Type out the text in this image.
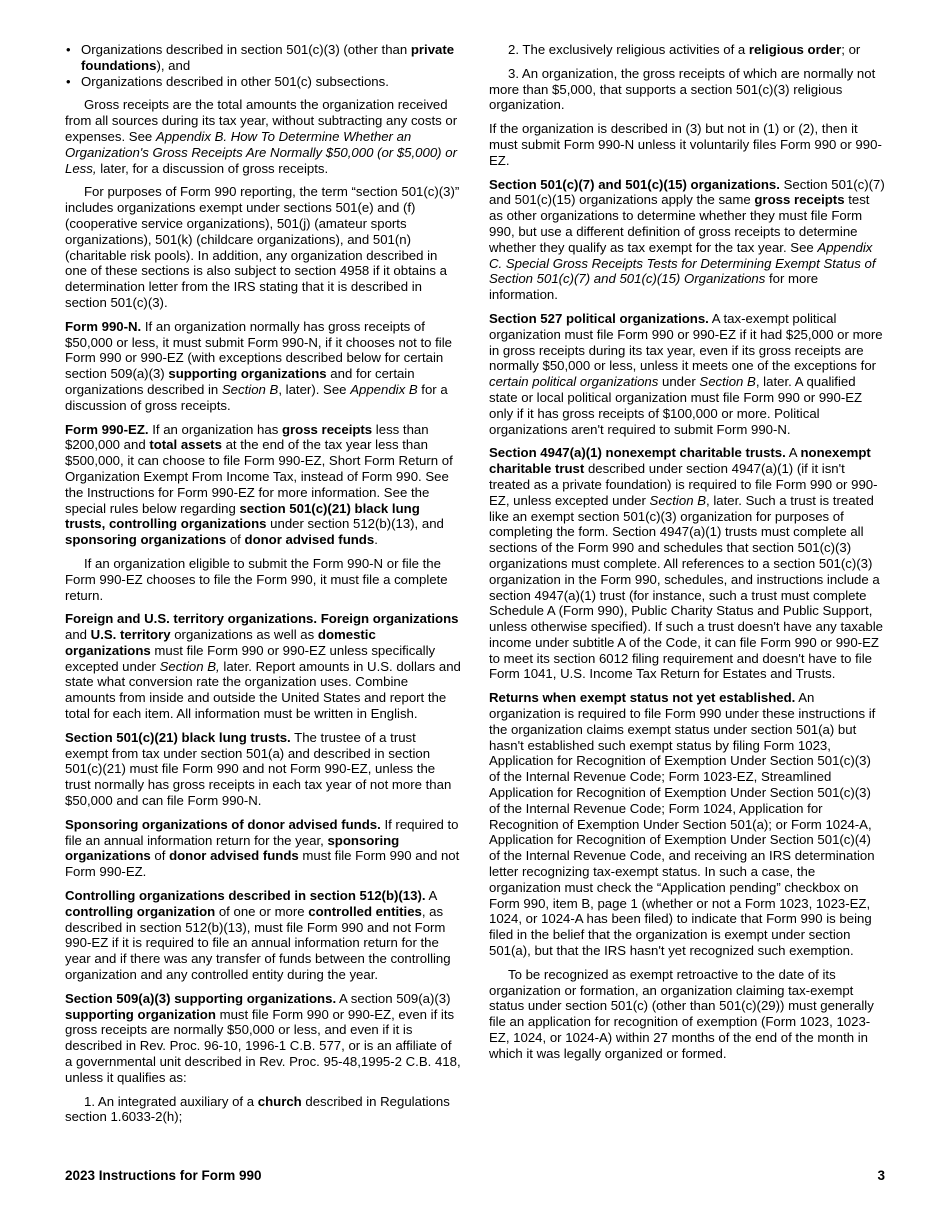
• Organizations described in section 501(c)(3) (other than private foundations), and
• Organizations described in other 501(c) subsections.

Gross receipts are the total amounts the organization received from all sources during its tax year, without subtracting any costs or expenses. See Appendix B. How To Determine Whether an Organization's Gross Receipts Are Normally $50,000 (or $5,000) or Less, later, for a discussion of gross receipts.

For purposes of Form 990 reporting, the term “section 501(c)(3)” includes organizations exempt under sections 501(e) and (f) (cooperative service organizations), 501(j) (amateur sports organizations), 501(k) (childcare organizations), and 501(n) (charitable risk pools). In addition, any organization described in one of these sections is also subject to section 4958 if it obtains a determination letter from the IRS stating that it is described in section 501(c)(3).

Form 990-N. If an organization normally has gross receipts of $50,000 or less, it must submit Form 990-N, if it chooses not to file Form 990 or 990-EZ (with exceptions described below for certain section 509(a)(3) supporting organizations and for certain organizations described in Section B, later). See Appendix B for a discussion of gross receipts.

Form 990-EZ. If an organization has gross receipts less than $200,000 and total assets at the end of the tax year less than $500,000, it can choose to file Form 990-EZ, Short Form Return of Organization Exempt From Income Tax, instead of Form 990. See the Instructions for Form 990-EZ for more information. See the special rules below regarding section 501(c)(21) black lung trusts, controlling organizations under section 512(b)(13), and sponsoring organizations of donor advised funds.

If an organization eligible to submit the Form 990-N or file the Form 990-EZ chooses to file the Form 990, it must file a complete return.

Foreign and U.S. territory organizations. Foreign organizations and U.S. territory organizations as well as domestic organizations must file Form 990 or 990-EZ unless specifically excepted under Section B, later. Report amounts in U.S. dollars and state what conversion rate the organization uses. Combine amounts from inside and outside the United States and report the total for each item. All information must be written in English.

Section 501(c)(21) black lung trusts. The trustee of a trust exempt from tax under section 501(a) and described in section 501(c)(21) must file Form 990 and not Form 990-EZ, unless the trust normally has gross receipts in each tax year of not more than $50,000 and can file Form 990-N.

Sponsoring organizations of donor advised funds. If required to file an annual information return for the year, sponsoring organizations of donor advised funds must file Form 990 and not Form 990-EZ.

Controlling organizations described in section 512(b)(13). A controlling organization of one or more controlled entities, as described in section 512(b)(13), must file Form 990 and not Form 990-EZ if it is required to file an annual information return for the year and if there was any transfer of funds between the controlling organization and any controlled entity during the year.

Section 509(a)(3) supporting organizations. A section 509(a)(3) supporting organization must file Form 990 or 990-EZ, even if its gross receipts are normally $50,000 or less, and even if it is described in Rev. Proc. 96-10, 1996-1 C.B. 577, or is an affiliate of a governmental unit described in Rev. Proc. 95-48,1995-2 C.B. 418, unless it qualifies as:

1. An integrated auxiliary of a church described in Regulations section 1.6033-2(h);

2. The exclusively religious activities of a religious order; or

3. An organization, the gross receipts of which are normally not more than $5,000, that supports a section 501(c)(3) religious organization.

If the organization is described in (3) but not in (1) or (2), then it must submit Form 990-N unless it voluntarily files Form 990 or 990-EZ.

Section 501(c)(7) and 501(c)(15) organizations. Section 501(c)(7) and 501(c)(15) organizations apply the same gross receipts test as other organizations to determine whether they must file Form 990, but use a different definition of gross receipts to determine whether they qualify as tax exempt for the tax year. See Appendix C. Special Gross Receipts Tests for Determining Exempt Status of Section 501(c)(7) and 501(c)(15) Organizations for more information.

Section 527 political organizations. A tax-exempt political organization must file Form 990 or 990-EZ if it had $25,000 or more in gross receipts during its tax year, even if its gross receipts are normally $50,000 or less, unless it meets one of the exceptions for certain political organizations under Section B, later. A qualified state or local political organization must file Form 990 or 990-EZ only if it has gross receipts of $100,000 or more. Political organizations aren't required to submit Form 990-N.

Section 4947(a)(1) nonexempt charitable trusts. A nonexempt charitable trust described under section 4947(a)(1) (if it isn't treated as a private foundation) is required to file Form 990 or 990-EZ, unless excepted under Section B, later. Such a trust is treated like an exempt section 501(c)(3) organization for purposes of completing the form. Section 4947(a)(1) trusts must complete all sections of the Form 990 and schedules that section 501(c)(3) organizations must complete. All references to a section 501(c)(3) organization in the Form 990, schedules, and instructions include a section 4947(a)(1) trust (for instance, such a trust must complete Schedule A (Form 990), Public Charity Status and Public Support, unless otherwise specified). If such a trust doesn't have any taxable income under subtitle A of the Code, it can file Form 990 or 990-EZ to meet its section 6012 filing requirement and doesn't have to file Form 1041, U.S. Income Tax Return for Estates and Trusts.

Returns when exempt status not yet established. An organization is required to file Form 990 under these instructions if the organization claims exempt status under section 501(a) but hasn't established such exempt status by filing Form 1023, Application for Recognition of Exemption Under Section 501(c)(3) of the Internal Revenue Code; Form 1023-EZ, Streamlined Application for Recognition of Exemption Under Section 501(c)(3) of the Internal Revenue Code; Form 1024, Application for Recognition of Exemption Under Section 501(a); or Form 1024-A, Application for Recognition of Exemption Under Section 501(c)(4) of the Internal Revenue Code, and receiving an IRS determination letter recognizing tax-exempt status. In such a case, the organization must check the “Application pending” checkbox on Form 990, item B, page 1 (whether or not a Form 1023, 1023-EZ, 1024, or 1024-A has been filed) to indicate that Form 990 is being filed in the belief that the organization is exempt under section 501(a), but that the IRS hasn't yet recognized such exemption.

To be recognized as exempt retroactive to the date of its organization or formation, an organization claiming tax-exempt status under section 501(c) (other than 501(c)(29)) must generally file an application for recognition of exemption (Form 1023, 1023-EZ, 1024, or 1024-A) within 27 months of the end of the month in which it was legally organized or formed.

2023 Instructions for Form 990	3
